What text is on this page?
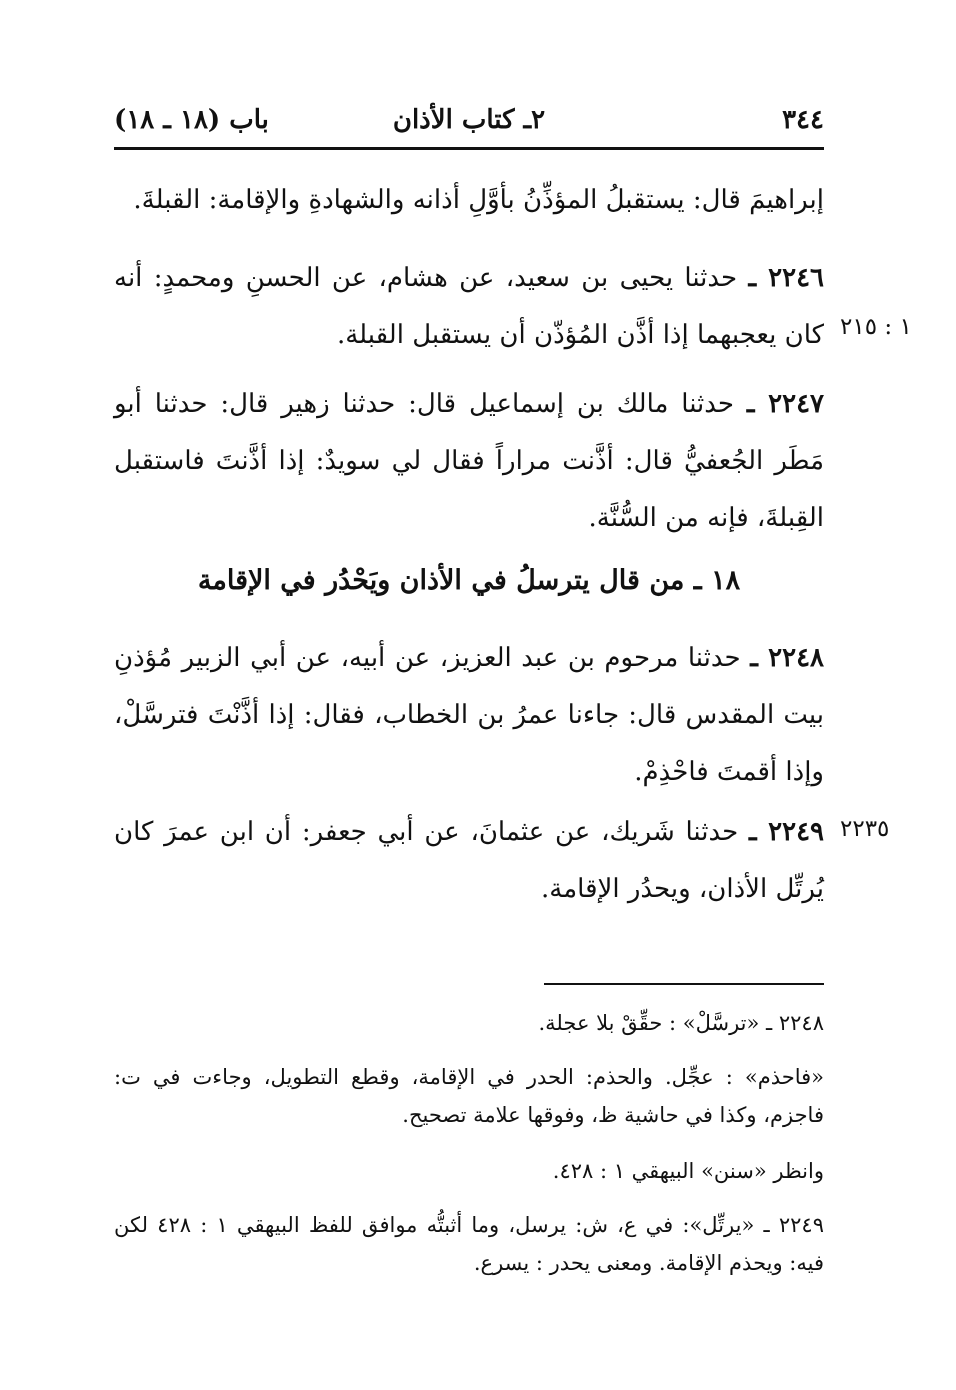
٣٤٤
٢ـ كتاب الأذان
باب (١٨ ـ ١٨)
إبراهيمَ قال: يستقبلُ المؤذِّنُ بأوَّلِ أذانه والشهادةِ والإقامة: القبلةَ.
٢٢٤٦ ـ حدثنا يحيى بن سعيد، عن هشام، عن الحسنِ ومحمدٍ: أنه كان يعجبهما إذا أذَّن المُؤذّن أن يستقبل القبلة. ١ : ٢١٥
٢٢٤٧ ـ حدثنا مالك بن إسماعيل قال: حدثنا زهير قال: حدثنا أبو مَطَر الجُعفيُّ قال: أذَّنت مراراً فقال لي سويدٌ: إذا أذَّنتَ فاستقبل القِبلةَ، فإنه من السُّنَّة.
١٨ ـ من قال يترسلُ في الأذان ويَحْدُر في الإقامة
٢٢٤٨ ـ حدثنا مرحوم بن عبد العزيز، عن أبيه، عن أبي الزبير مُؤذنِ بيت المقدس قال: جاءنا عمرُ بن الخطاب، فقال: إذا أذَّنْتَ فترسَّلْ، وإذا أقمتَ فاحْذِمْ.
٢٢٤٩ ـ حدثنا شَريك، عن عثمانَ، عن أبي جعفر: أن ابن عمرَ كان يُرتِّل الأذان، ويحدُر الإقامة.
٢٢٣٥
٢٢٤٨ ـ «ترسَّلْ» : حقِّقْ بلا عجلة.
«فاحذم» : عجِّل. والحذم: الحدر في الإقامة، وقطع التطويل، وجاءت في ت: فاجزم، وكذا في حاشية ظ، وفوقها علامة تصحيح.
وانظر «سنن» البيهقي ١ : ٤٢٨.
٢٢٤٩ ـ «يرتِّل»: في ع، ش: يرسل، وما أثبتُّه موافق للفظ البيهقي ١ : ٤٢٨ لكن فيه: ويحذم الإقامة. ومعنى يحدر : يسرع.
